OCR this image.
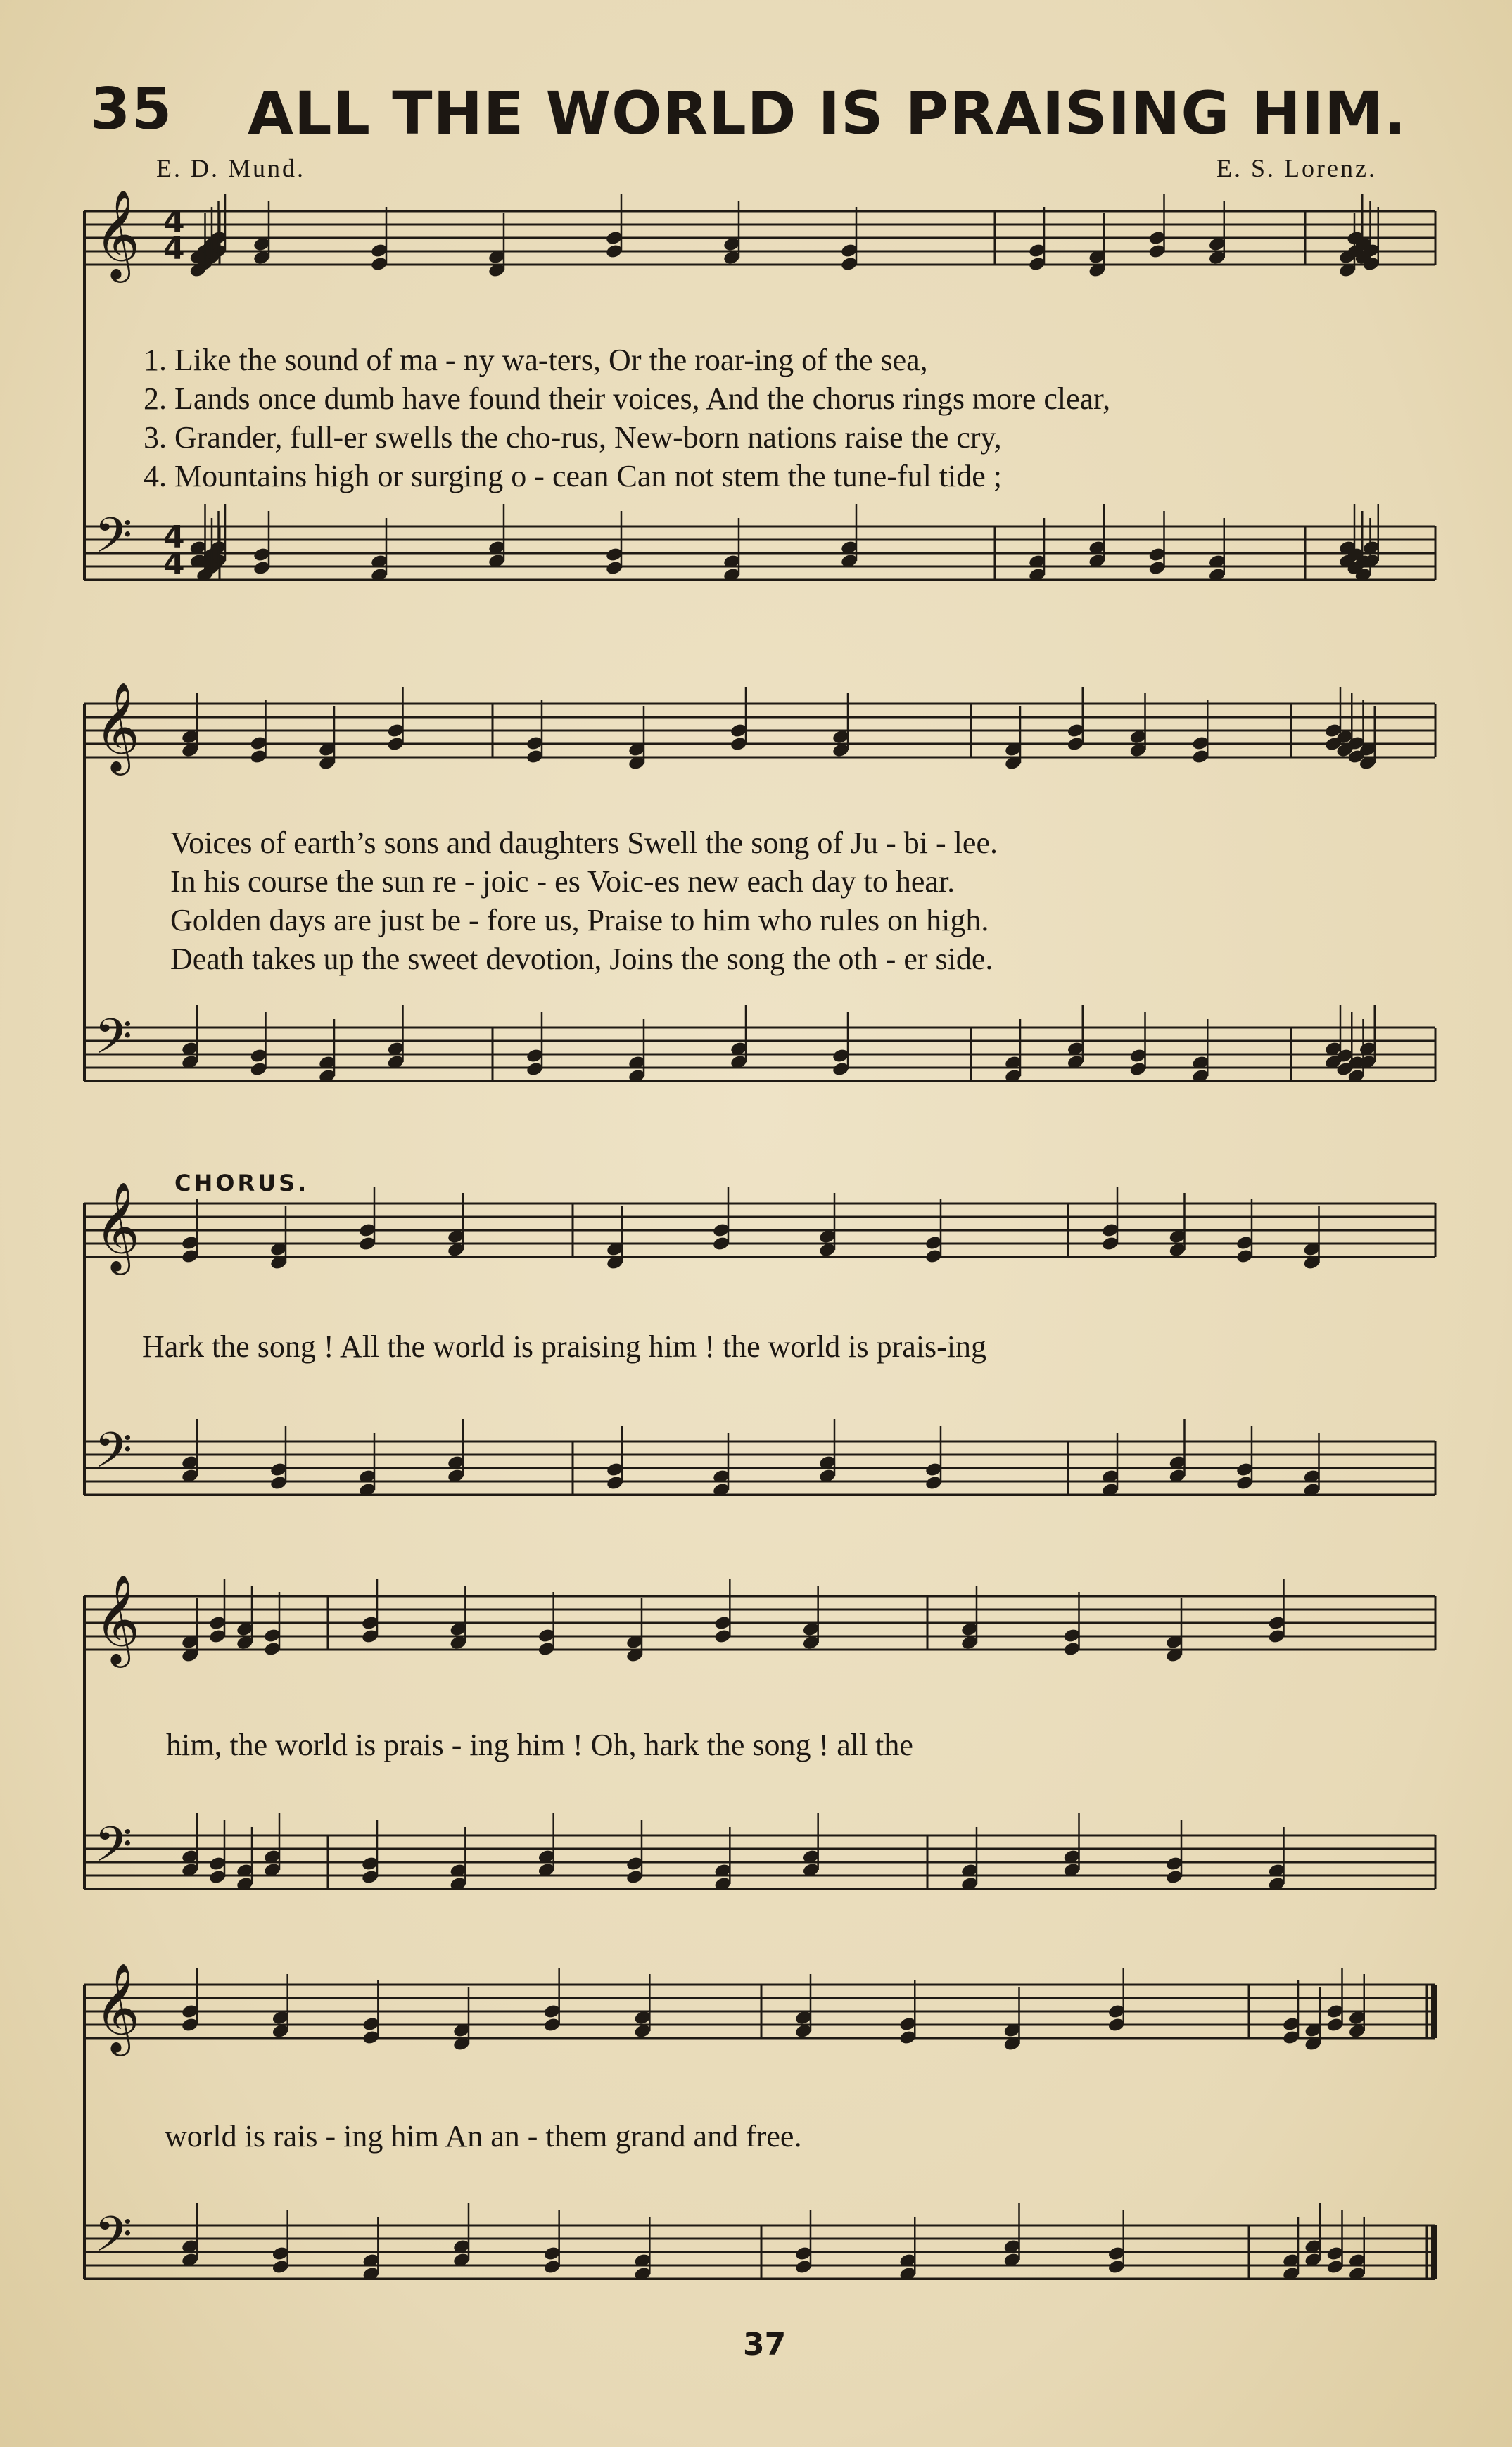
35 ALL THE WORLD IS PRAISING HIM.
E. D. Mund.	E. S. Lorenz.
𝄞 4
4
𝄢 4
4
𝄞
𝄢
𝄞
𝄢
𝄞
𝄢
𝄞
𝄢
1. Like the sound of ma - ny wa-ters, Or the roar-ing of the sea,
2. Lands once dumb have found their voices, And the chorus rings more clear,
3. Grander, full-er swells the cho-rus, New-born nations raise the cry,
4. Mountains high or surging o - cean Can not stem the tune-ful tide ;
Voices of earth’s sons and daughters Swell the song of Ju - bi - lee.
In his course the sun re - joic - es Voic-es new each day to hear.
Golden days are just be - fore us, Praise to him who rules on high.
Death takes up the sweet devotion, Joins the song the oth - er side.
CHORUS.
Hark the song ! All the world is praising him ! the world is prais-ing
him, the world is prais - ing him ! Oh, hark the song ! all the
world is rais - ing him An an - them grand and free.
37
